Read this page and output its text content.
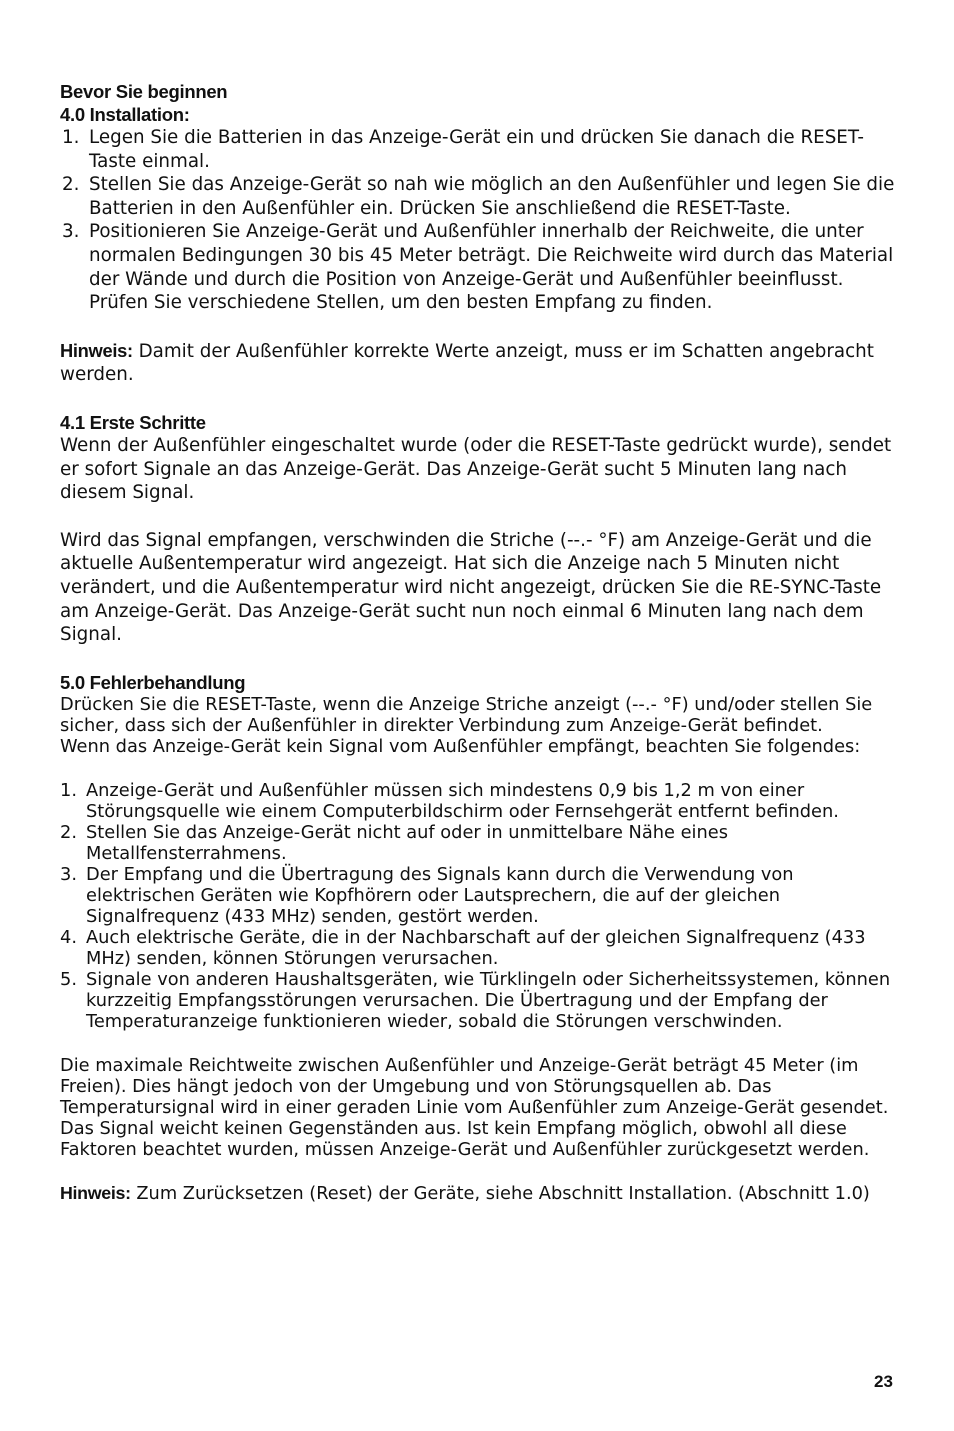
Bevor Sie beginnen
4.0 Installation:
1. Legen Sie die Batterien in das Anzeige-Gerät ein und drücken Sie danach die RESET-Taste einmal.
2. Stellen Sie das Anzeige-Gerät so nah wie möglich an den Außenfühler und legen Sie die Batterien in den Außenfühler ein. Drücken Sie anschließend die RESET-Taste.
3. Positionieren Sie Anzeige-Gerät und Außenfühler innerhalb der Reichweite, die unter normalen Bedingungen 30 bis 45 Meter beträgt. Die Reichweite wird durch das Material der Wände und durch die Position von Anzeige-Gerät und Außenfühler beeinflusst. Prüfen Sie verschiedene Stellen, um den besten Empfang zu finden.

Hinweis: Damit der Außenfühler korrekte Werte anzeigt, muss er im Schatten angebracht werden.

4.1 Erste Schritte

Wenn der Außenfühler eingeschaltet wurde (oder die RESET-Taste gedrückt wurde), sendet er sofort Signale an das Anzeige-Gerät. Das Anzeige-Gerät sucht 5 Minuten lang nach diesem Signal.

Wird das Signal empfangen, verschwinden die Striche (--.- °F) am Anzeige-Gerät und die aktuelle Außentemperatur wird angezeigt. Hat sich die Anzeige nach 5 Minuten nicht verändert, und die Außentemperatur wird nicht angezeigt, drücken Sie die RE-SYNC-Taste am Anzeige-Gerät. Das Anzeige-Gerät sucht nun noch einmal 6 Minuten lang nach dem Signal.

5.0 Fehlerbehandlung

Drücken Sie die RESET-Taste, wenn die Anzeige Striche anzeigt (--.- °F) und/oder stellen Sie sicher, dass sich der Außenfühler in direkter Verbindung zum Anzeige-Gerät befindet.

Wenn das Anzeige-Gerät kein Signal vom Außenfühler empfängt, beachten Sie folgendes:

1. Anzeige-Gerät und Außenfühler müssen sich mindestens 0,9 bis 1,2 m von einer Störungsquelle wie einem Computerbildschirm oder Fernsehgerät entfernt befinden.
2. Stellen Sie das Anzeige-Gerät nicht auf oder in unmittelbare Nähe eines Metallfensterrahmens.
3. Der Empfang und die Übertragung des Signals kann durch die Verwendung von elektrischen Geräten wie Kopfhörern oder Lautsprechern, die auf der gleichen Signalfrequenz (433 MHz) senden, gestört werden.
4. Auch elektrische Geräte, die in der Nachbarschaft auf der gleichen Signalfrequenz (433 MHz) senden, können Störungen verursachen.
5. Signale von anderen Haushaltsgeräten, wie Türklingeln oder Sicherheitssystemen, können kurzzeitig Empfangsstörungen verursachen. Die Übertragung und der Empfang der Temperaturanzeige funktionieren wieder, sobald die Störungen verschwinden.

Die maximale Reichtweite zwischen Außenfühler und Anzeige-Gerät beträgt 45 Meter (im Freien). Dies hängt jedoch von der Umgebung und von Störungsquellen ab. Das Temperatursignal wird in einer geraden Linie vom Außenfühler zum Anzeige-Gerät gesendet. Das Signal weicht keinen Gegenständen aus. Ist kein Empfang möglich, obwohl all diese Faktoren beachtet wurden, müssen Anzeige-Gerät und Außenfühler zurückgesetzt werden.

Hinweis: Zum Zurücksetzen (Reset) der Geräte, siehe Abschnitt Installation. (Abschnitt 1.0)

23
